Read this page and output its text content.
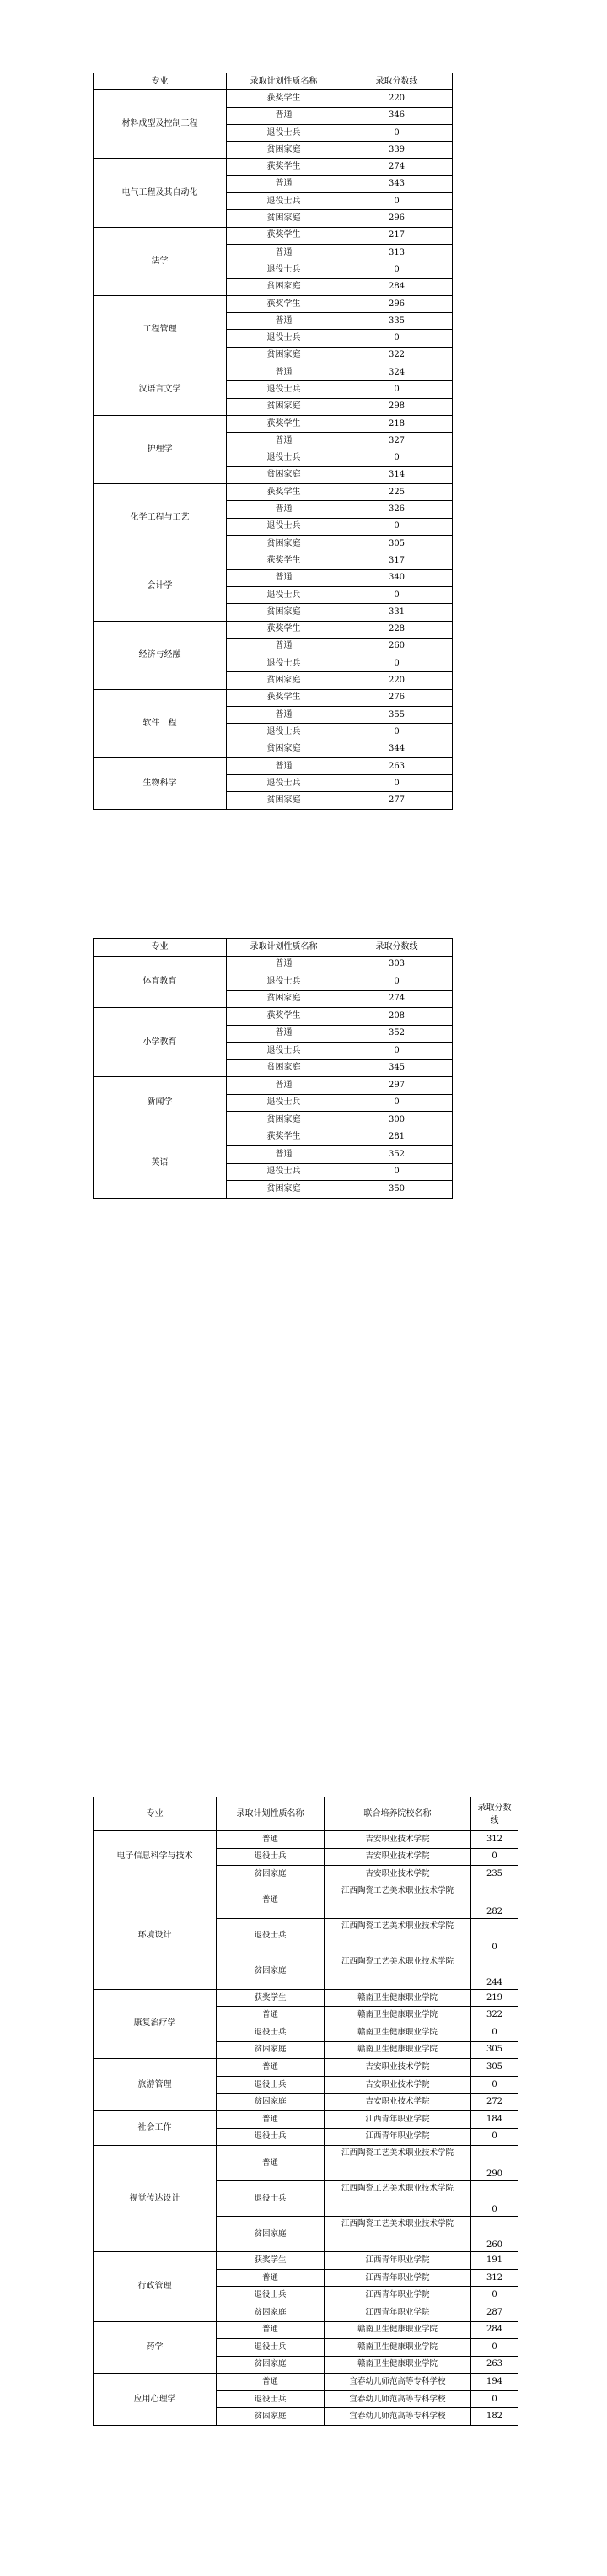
专业	录取计划性质名称	录取分数线
材料成型及控制工程	获奖学生	220
	普通	346
	退役士兵	0
	贫困家庭	339
电气工程及其自动化	获奖学生	274
	普通	343
	退役士兵	0
	贫困家庭	296
法学	获奖学生	217
	普通	313
	退役士兵	0
	贫困家庭	284
工程管理	获奖学生	296
	普通	335
	退役士兵	0
	贫困家庭	322
汉语言文学	普通	324
	退役士兵	0
	贫困家庭	298
护理学	获奖学生	218
	普通	327
	退役士兵	0
	贫困家庭	314
化学工程与工艺	获奖学生	225
	普通	326
	退役士兵	0
	贫困家庭	305
会计学	获奖学生	317
	普通	340
	退役士兵	0
	贫困家庭	331
经济与经融	获奖学生	228
	普通	260
	退役士兵	0
	贫困家庭	220
软件工程	获奖学生	276
	普通	355
	退役士兵	0
	贫困家庭	344
生物科学	普通	263
	退役士兵	0
	贫困家庭	277
专业	录取计划性质名称	录取分数线
体育教育	普通	303
	退役士兵	0
	贫困家庭	274
小学教育	获奖学生	208
	普通	352
	退役士兵	0
	贫困家庭	345
新闻学	普通	297
	退役士兵	0
	贫困家庭	300
英语	获奖学生	281
	普通	352
	退役士兵	0
	贫困家庭	350
专业	录取计划性质名称	联合培养院校名称	录取分数线
电子信息科学与技术	普通	吉安职业技术学院	312
	退役士兵	吉安职业技术学院	0
	贫困家庭	吉安职业技术学院	235
环境设计	普通	江西陶瓷工艺美术职业技术学院	282
	退役士兵	江西陶瓷工艺美术职业技术学院	0
	贫困家庭	江西陶瓷工艺美术职业技术学院	244
康复治疗学	获奖学生	赣南卫生健康职业学院	219
	普通	赣南卫生健康职业学院	322
	退役士兵	赣南卫生健康职业学院	0
	贫困家庭	赣南卫生健康职业学院	305
旅游管理	普通	吉安职业技术学院	305
	退役士兵	吉安职业技术学院	0
	贫困家庭	吉安职业技术学院	272
社会工作	普通	江西青年职业学院	184
	退役士兵	江西青年职业学院	0
视觉传达设计	普通	江西陶瓷工艺美术职业技术学院	290
	退役士兵	江西陶瓷工艺美术职业技术学院	0
	贫困家庭	江西陶瓷工艺美术职业技术学院	260
行政管理	获奖学生	江西青年职业学院	191
	普通	江西青年职业学院	312
	退役士兵	江西青年职业学院	0
	贫困家庭	江西青年职业学院	287
药学	普通	赣南卫生健康职业学院	284
	退役士兵	赣南卫生健康职业学院	0
	贫困家庭	赣南卫生健康职业学院	263
应用心理学	普通	宜春幼儿师范高等专科学校	194
	退役士兵	宜春幼儿师范高等专科学校	0
	贫困家庭	宜春幼儿师范高等专科学校	182
